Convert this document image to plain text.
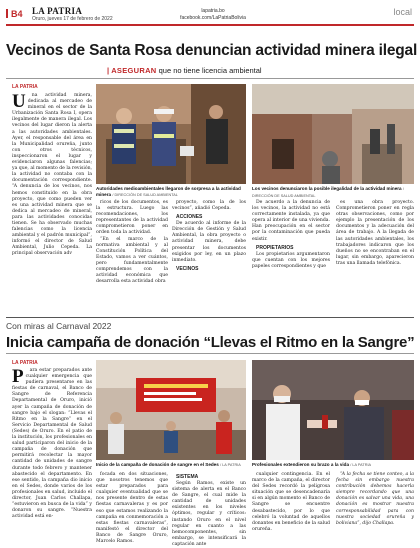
B4 LA PATRIA
Oruro, jueves 17 de febrero de 2022
lapatria.bo
facebook.com/LaPatriaBolivia
local
Vecinos de Santa Rosa denuncian actividad minera ilegal
| ASEGURAN que no tiene licencia ambiental
LA PATRIA

U na actividad minera, dedicada al mercadeo de mineral en el sector de la Urbanización Santa Rosa I, opera ilegalmente de manera ilegal. Los vecinos del lugar dieron la alerta a las autoridades ambientales. Ayer, el responsable del área en la Municipalidad orureña, junto con otros técnicos, inspeccionaron el lugar y evidenciaron algunas falencias; ya que, al momento de la revisión, la actividad no contaba con la documentación correspondiente. “A denuncia de los vecinos, nos hemos constituido en la obra proyecto, que como pueden ver es una actividad minera que se dedica al mercadeo de mineral, para las actividades conocidas tienen. Se ha observado muchas falencias como la licencia ambiental y el padrón municipal”, informó el director de Salud Ambiental, Julio Cepeda. La principal observación adv

Autoridades medioambientales llegaron de sorpresa a la actividad minera / DIRECCIÓN DE SALUD AMBIENTAL
Los vecinos denunciaron la posible ilegalidad de la actividad minera / DIRECCIÓN DE SALUD AMBIENTAL

ricos de los documentos, es la estructura. Luego las recomendaciones, los representantes de la actividad comprometieron poner en orden toda la actividad.

“En el marco de la normativa ambiental y al Constitución Política del Estado, vamos a ver cuántos, pero fundamentalmente comprendemos con la actividad económica que desarrolla esta actividad obra

proyecto, como la de los vecinos”, añadió Cepeda.

ACCIONES

De acuerdo al informe de la Dirección de Gestión y Salud Ambiental, la obra proyecto o actividad minera, debe presentar los documentos exigidos por ley, en un plazo inmediato.

VECINOS

De acuerdo a la denuncia de los vecinos, la actividad no está correctamente instalada, ya que opera al interior de una vivienda. Han preocupación en el sector por la contaminación que pueda existir.

PROPIETARIOS

Los propietarios argumentaron que cuentan con los mejores papeles correspondientes y que

es una obra proyecto. Comprometieron poner en regla otras observaciones, como por ejemplo la presentación de los documentos y la adecuación del área de trabajo. A la llegada de las autoridades ambientales, los trabajadores indicaron que los dueños no se encontraban en el lugar, sin embargo, aparecieron tras una llamada telefónica.

Con miras al Carnaval 2022
Inicia campaña de donación “Llevas el Ritmo en la Sangre”
LA PATRIA

P ara estar preparados ante cualquier emergencia que pudiera presentarse en las fiestas de carnaval, el Banco de Sangre de Referencia Departamental de Oruro, inició ayer la campaña de donación de sangre bajo el slogan: “Llevas el Ritmo en la Sangre” en el Servicio Departamental de Salud (Sedes) de Oruro. En el patio de la institución, los profesionales en salud participaron del inicio de la campaña de donación que permitirá recolectar la mayor cantidad de unidades de sangre durante todo febrero y mantener abastecido el departamento. En ese sentido, la campaña dio inicio en el Sedes, donde varios de los profesionales en salud, incluido el director, Juan Carlos Challapa, “estuvieron en busca de la vida” y donaron su sangre. “Nuestra actividad está en-

Inicio de la campaña de donación de sangre en el Sedes / LA PATRIA	Profesionales extendieron su brazo a la vida / LA PATRIA

focada en dos situaciones, que nosotros tenemos que estar preparados para cualquier eventualidad que se nos presente dentro de estas fiestas carnavaleras y es por eso que estamos realizando la campaña en conmemoración a estas fiestas carnavaleras”, manifestó el director del Banco de Sangre Oruro, Marcelo Ramos.

SISTEMA

Según Ramos, existe un sistema de alerta en el Banco de Sangre, el cual mide la cantidad de unidades existentes en los niveles óptimos, regular y críticos: instando Oruro en el nivel regular en cuanto a las hemocomponentes, sin embargo, se intensificará la captación ante

cualquier contingencia. En el marco de la campaña, el director del Sedes recordó la peligrosa situación que se desencadenaría si en algún momento el Banco de Sangre se encuentre desabastecido, por lo que celebró la voluntad de aquellos donantes en beneficio de la salud orureña.

“A la fecha se tiene conteo, a la fecha sin embargo nuestra contribución debemos hacerla siempre recordando que una donación es salvar una vida, una donación es mostrar nuestra corresponsabilidad para con nuestra sociedad orureña y boliviana”, dijo Challapa.
